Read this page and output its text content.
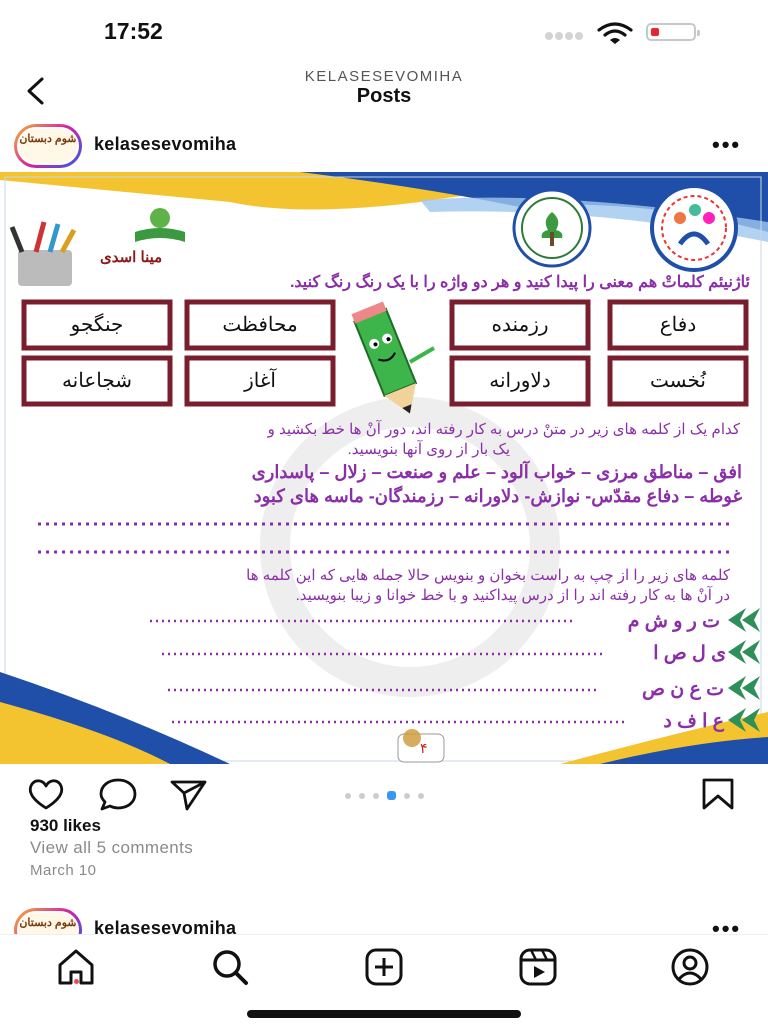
17:52
KELASESEVOMIHA
Posts
شوم دبستان kelasesevomiha	•••
مینا اسدی
ئاژنیئم کلماتْ هم معنی را پیدا کنید و هر دو واژه را با یک رنگ رنگ کنید.
دفاع
رزمنده
محافظت
جنگجو
نُخست
دلاورانه
آغاز
شجاعانه
کدام یک از کلمه های زیر در متنْ درس به کار رفته اند، دور آنْ ها خط بکشید و
یک بار از روی آنها بنویسید.
افق – مناطق مرزی – خواب آلود – علم و صنعت – زلال – پاسداری
غوطه – دفاع مقدّس- نوازش- دلاورانه – رزمندگان- ماسه های کبود
کلمه های زیر را از چپ به راست بخوان و بنویس حالا جمله هایی که این کلمه ها
در آنْ ها به کار رفته اند را از درس پیداکنید و با خط خوانا و زیبا بنویسید.
ت ر و ش م
ی ل ص ا
ت ع ن ص
ع ا ف د
۴
930 likes
View all 5 comments
March 10
شوم دبستان kelasesevomiha	•••
